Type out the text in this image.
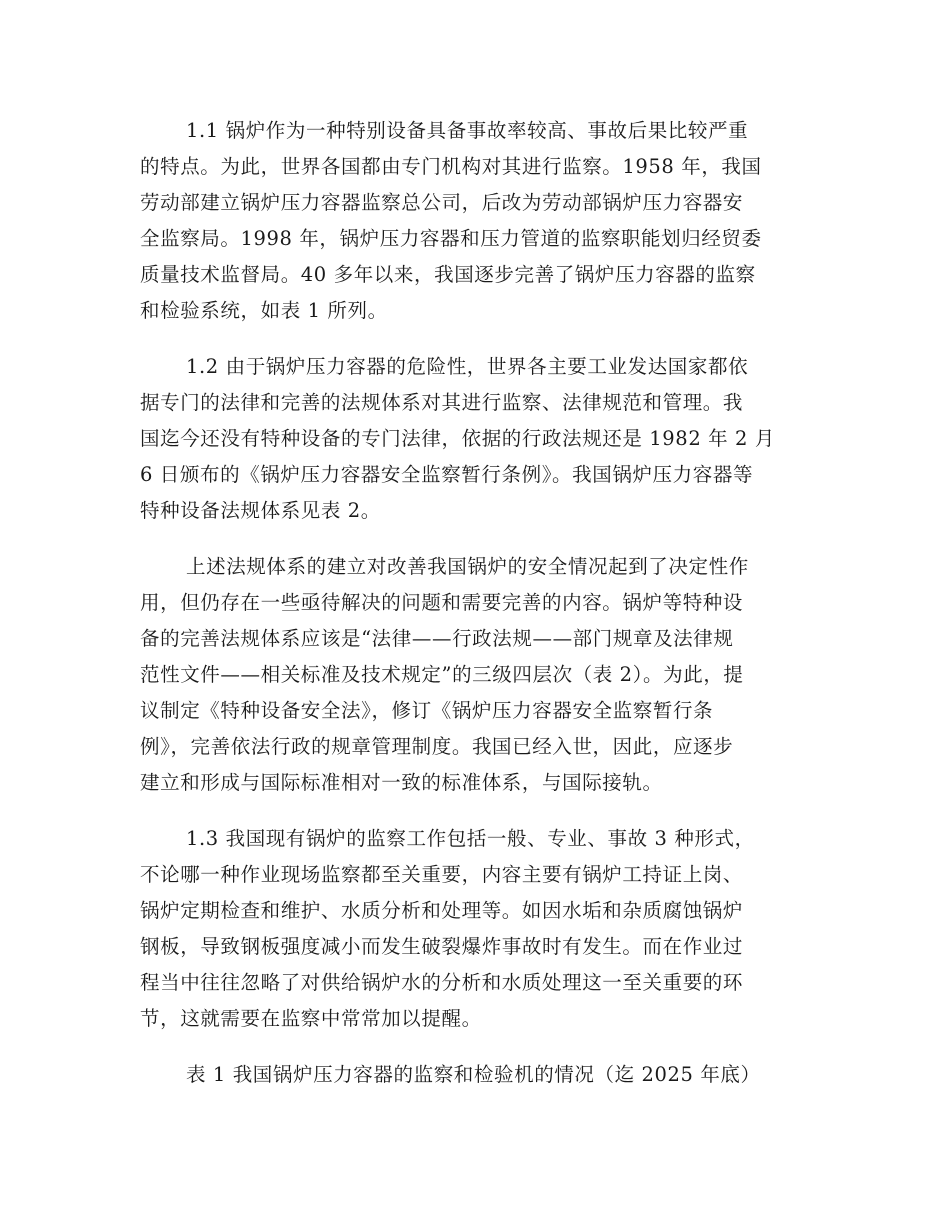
1.1 锅炉作为一种特别设备具备事故率较高、事故后果比较严重
的特点。为此，世界各国都由专门机构对其进行监察。1958 年，我国
劳动部建立锅炉压力容器监察总公司，后改为劳动部锅炉压力容器安
全监察局。1998 年，锅炉压力容器和压力管道的监察职能划归经贸委
质量技术监督局。40 多年以来，我国逐步完善了锅炉压力容器的监察
和检验系统，如表 1 所列。

1.2 由于锅炉压力容器的危险性，世界各主要工业发达国家都依
据专门的法律和完善的法规体系对其进行监察、法律规范和管理。我
国迄今还没有特种设备的专门法律，依据的行政法规还是 1982 年 2 月
6 日颁布的《锅炉压力容器安全监察暂行条例》。我国锅炉压力容器等
特种设备法规体系见表 2。

上述法规体系的建立对改善我国锅炉的安全情况起到了决定性作
用，但仍存在一些亟待解决的问题和需要完善的内容。锅炉等特种设
备的完善法规体系应该是“法律——行政法规——部门规章及法律规
范性文件——相关标准及技术规定”的三级四层次（表 2）。为此，提
议制定《特种设备安全法》，修订《锅炉压力容器安全监察暂行条
例》，完善依法行政的规章管理制度。我国已经入世，因此，应逐步
建立和形成与国际标准相对一致的标准体系，与国际接轨。

1.3 我国现有锅炉的监察工作包括一般、专业、事故 3 种形式，
不论哪一种作业现场监察都至关重要，内容主要有锅炉工持证上岗、
锅炉定期检查和维护、水质分析和处理等。如因水垢和杂质腐蚀锅炉
钢板，导致钢板强度减小而发生破裂爆炸事故时有发生。而在作业过
程当中往往忽略了对供给锅炉水的分析和水质处理这一至关重要的环
节，这就需要在监察中常常加以提醒。

表 1 我国锅炉压力容器的监察和检验机的情况（迄 2025 年底）
